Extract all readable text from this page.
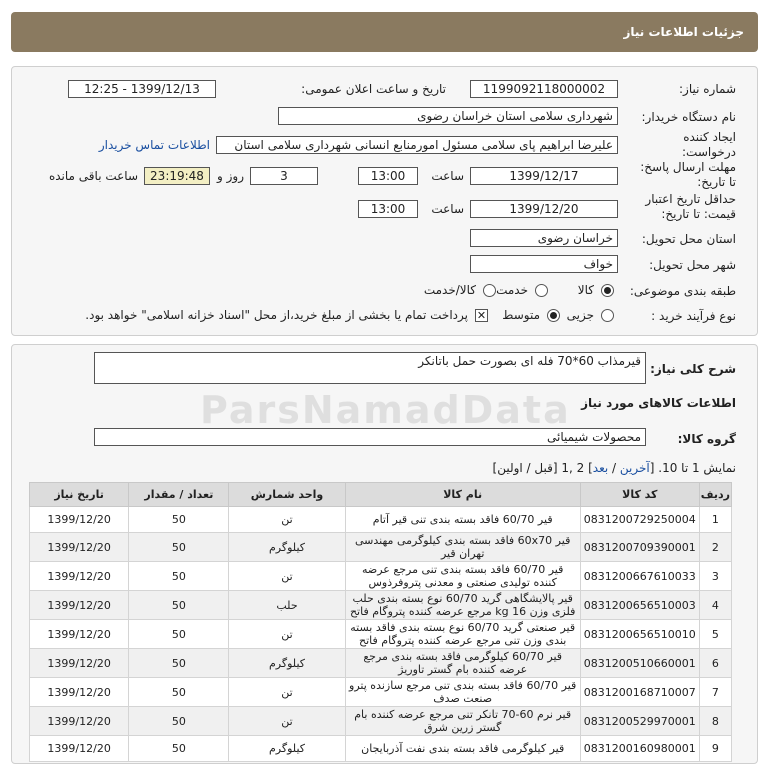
جزئیات اطلاعات نیاز
شماره نیاز:
1199092118000002
تاریخ و ساعت اعلان عمومی:
1399/12/13 - 12:25
نام دستگاه خریدار:
شهرداری سلامی استان خراسان رضوی
ایجاد کننده درخواست:
علیرضا ابراهیم پای سلامی مسئول امورمنابع انسانی شهرداری سلامی استان
اطلاعات تماس خریدار
مهلت ارسال پاسخ: تا تاریخ:
1399/12/17
ساعت
13:00
3
روز و
23:19:48
ساعت باقی مانده
حداقل تاریخ اعتبار قیمت: تا تاریخ:
1399/12/20
ساعت
13:00
استان محل تحویل:
خراسان رضوی
شهر محل تحویل:
خواف
طبقه بندی موضوعی:
کالا
خدمت
کالا/خدمت
نوع فرآیند خرید :
جزیی
متوسط
✕
پرداخت تمام یا بخشی از مبلغ خرید،از محل "اسناد خزانه اسلامی" خواهد بود.
شرح کلی نیاز:
قیرمذاب 60*70 فله ای بصورت حمل باتانکر
اطلاعات کالاهای مورد نیاز
گروه کالا:
محصولات شیمیائی
نمایش 1 تا 10. [آخرین / بعد] 2 ,1 [قبل / اولین]
ردیف	کد کالا	نام کالا	واحد شمارش	تعداد / مقدار	تاریخ نیاز
1	0831200729250004	قیر 60/70 فاقد بسته بندی تنی قیر آتام	تن	50	1399/12/20
2	0831200709390001	قیر 60x70 فاقد بسته بندی کیلوگرمی مهندسی تهران قیر	کیلوگرم	50	1399/12/20
3	0831200667610033	قیر 60/70 فاقد بسته بندی تنی مرجع عرضه کننده تولیدی صنعتی و معدنی پتروفرذوس	تن	50	1399/12/20
4	0831200656510003	قیر پالایشگاهی گرید 60/70 نوع بسته بندی حلب فلزی وزن 16 kg مرجع عرضه کننده پتروگام فاتح	حلب	50	1399/12/20
5	0831200656510010	قیر صنعتی گرید 60/70 نوع بسته بندی فاقد بسته بندی وزن تنی مرجع عرضه کننده پتروگام فاتح	تن	50	1399/12/20
6	0831200510660001	قیر 60/70 کیلوگرمی فاقد بسته بندی مرجع عرضه کننده بام گستر تاوریژ	کیلوگرم	50	1399/12/20
7	0831200168710007	قیر 60/70 فاقد بسته بندی تنی مرجع سازنده پترو صنعت صدف	تن	50	1399/12/20
8	0831200529970001	قیر نرم 60-70 تانکر تنی مرجع عرضه کننده بام گستر زرین شرق	تن	50	1399/12/20
9	0831200160980001	قیر کیلوگرمی فاقد بسته بندی نفت آذربایجان	کیلوگرم	50	1399/12/20
